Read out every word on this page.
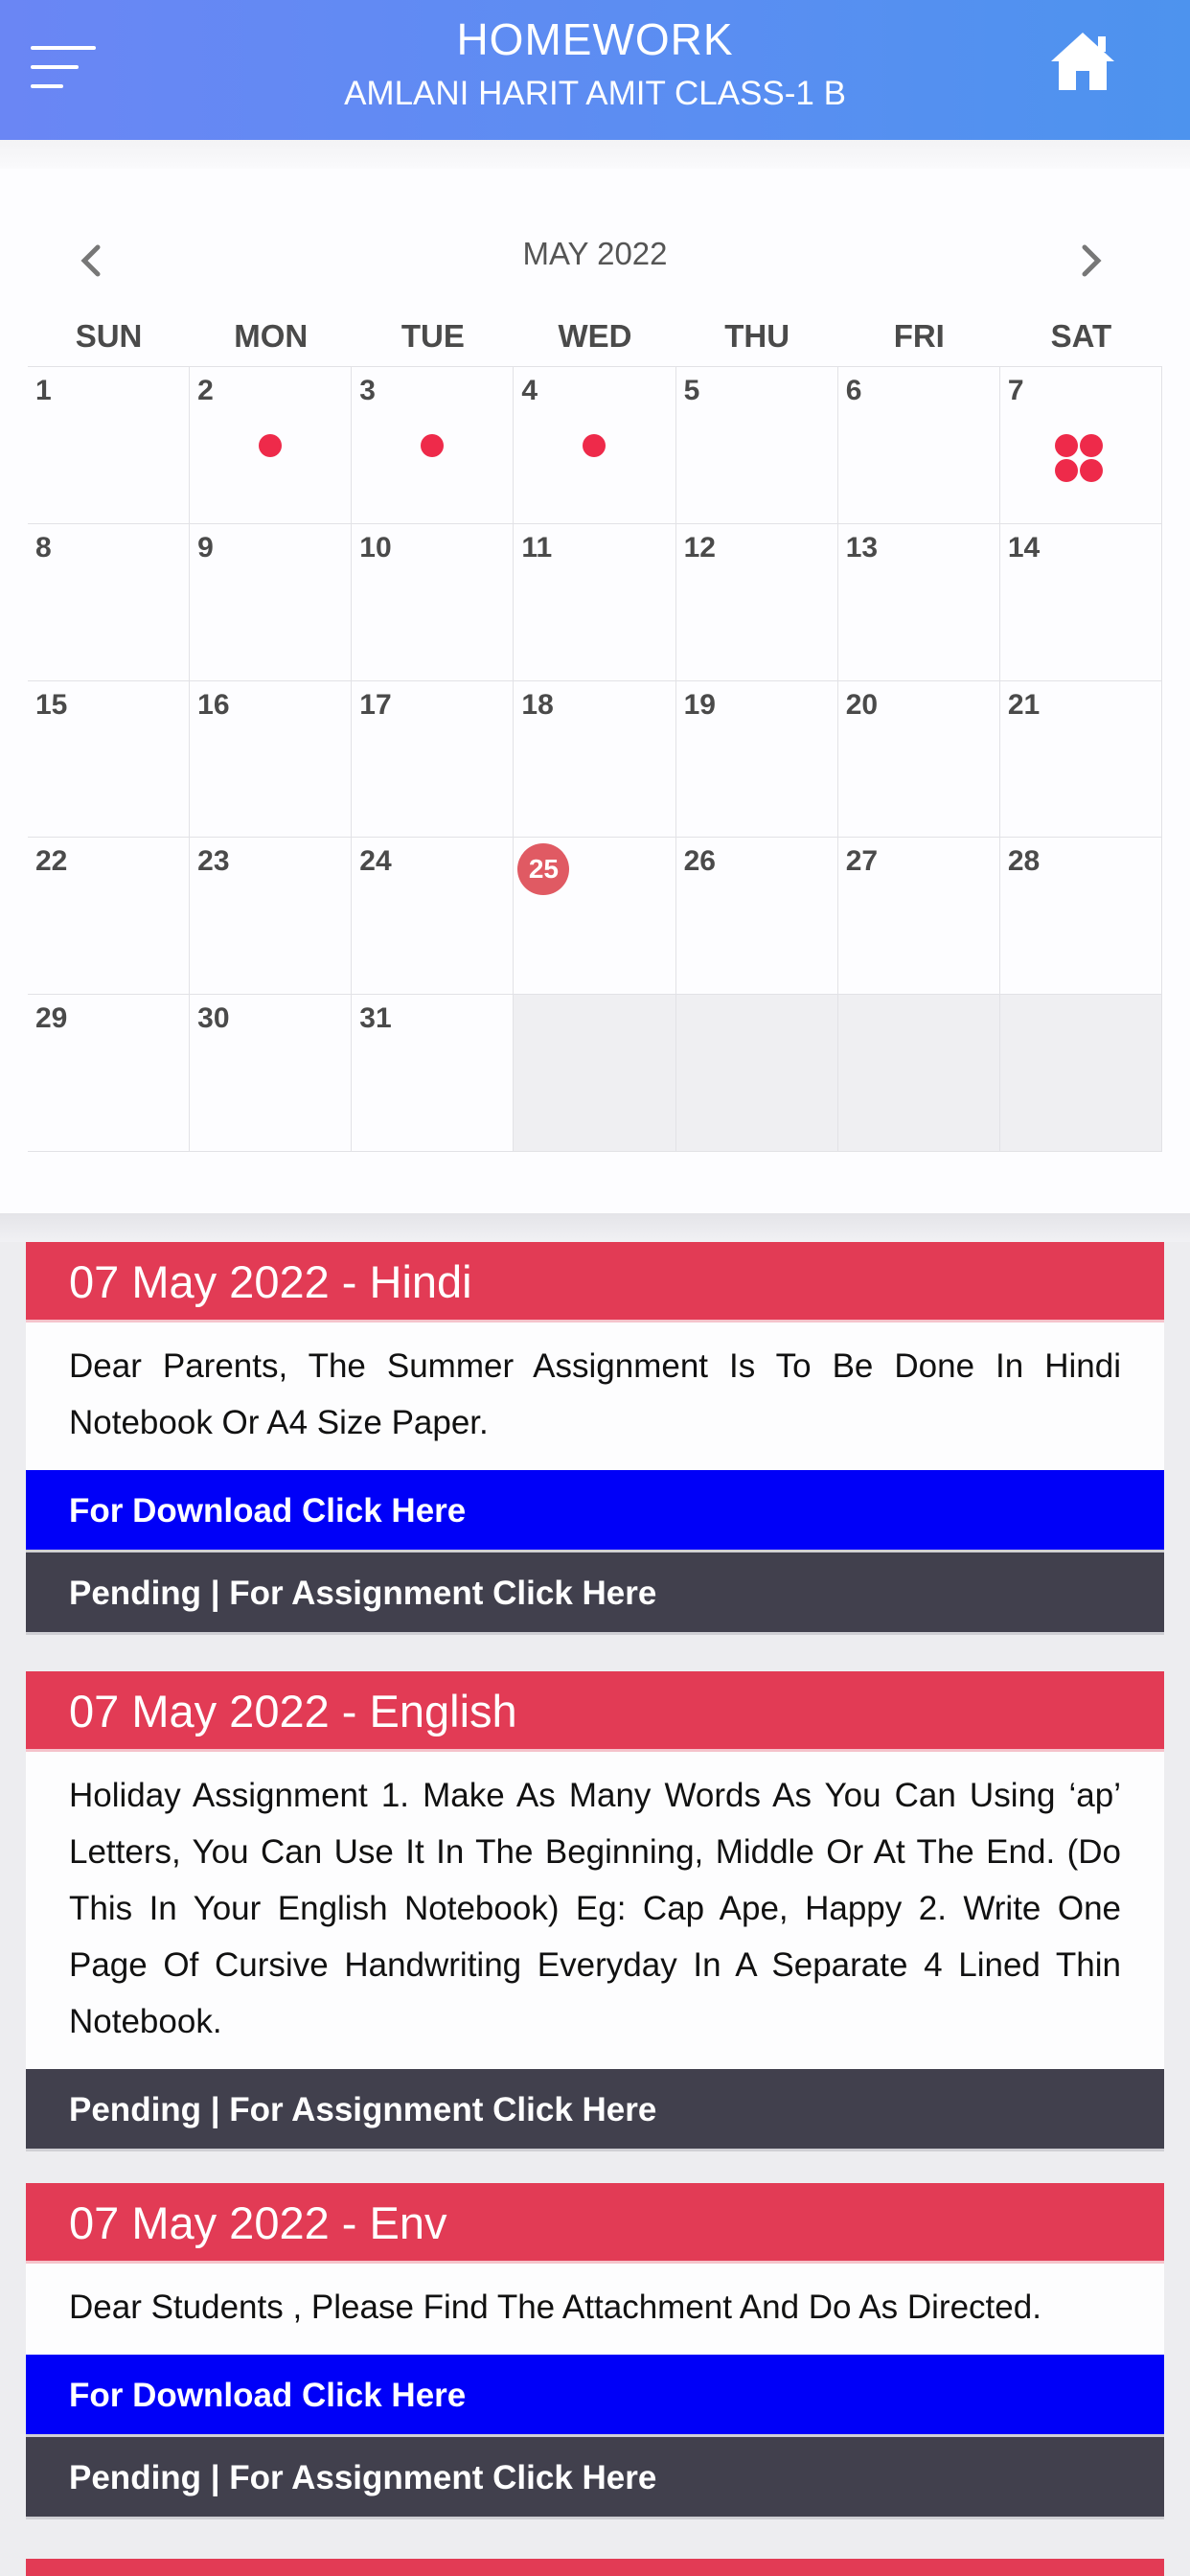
HOMEWORK
AMLANI HARIT AMIT CLASS-1 B
MAY 2022
SUN	MON	TUE	WED	THU	FRI	SAT
1	2	3	4	5	6	7
8	9	10	11	12	13	14
15	16	17	18	19	20	21
22	23	24	25	26	27	28
29	30	31
07 May 2022 - Hindi
Dear Parents, The Summer Assignment Is To Be Done In Hindi Notebook Or A4 Size Paper.
For Download Click Here
Pending | For Assignment Click Here
07 May 2022 - English
Holiday Assignment 1. Make As Many Words As You Can Using ‘ap’ Letters, You Can Use It In The Beginning, Middle Or At The End. (Do This In Your English Notebook) Eg: Cap Ape, Happy 2. Write One Page Of Cursive Handwriting Everyday In A Separate 4 Lined Thin Notebook.
Pending | For Assignment Click Here
07 May 2022 - Env
Dear Students , Please Find The Attachment And Do As Directed.
For Download Click Here
Pending | For Assignment Click Here
